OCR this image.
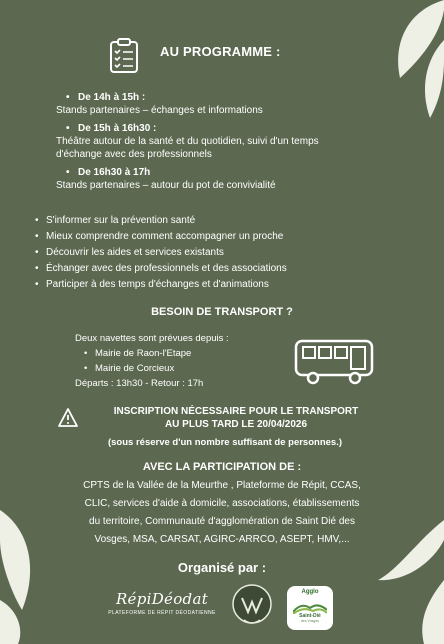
AU PROGRAMME :
• De 14h à 15h :
Stands partenaires – échanges et informations
• De 15h à 16h30 :
Théâtre autour de la santé et du quotidien, suivi d'un temps
d'échange avec des professionnels
• De 16h30 à 17h
Stands partenaires – autour du pot de convivialité
• S'informer sur la prévention santé
• Mieux comprendre comment accompagner un proche
• Découvrir les aides et services existants
• Échanger avec des professionnels et des associations
• Participer à des temps d'échanges et d'animations
BESOIN DE TRANSPORT ?
Deux navettes sont prévues depuis :
• Mairie de Raon-l'Etape
• Mairie de Corcieux
Départs : 13h30 - Retour : 17h
INSCRIPTION NÉCESSAIRE POUR LE TRANSPORT
AU PLUS TARD LE 20/04/2026
(sous réserve d'un nombre suffisant de personnes.)
AVEC LA PARTICIPATION DE :
CPTS de la Vallée de la Meurthe , Plateforme de Répit, CCAS,
CLIC, services d'aide à domicile, associations, établissements
du territoire, Communauté d'agglomération de Saint Dié des
Vosges, MSA, CARSAT, AGIRC-ARRCO, ASEPT, HMV,...
Organisé par :
RépiDéodat
PLATEFORME DE RÉPIT DÉODATIENNE
Agglo
Saint-Dié
des Vosges
